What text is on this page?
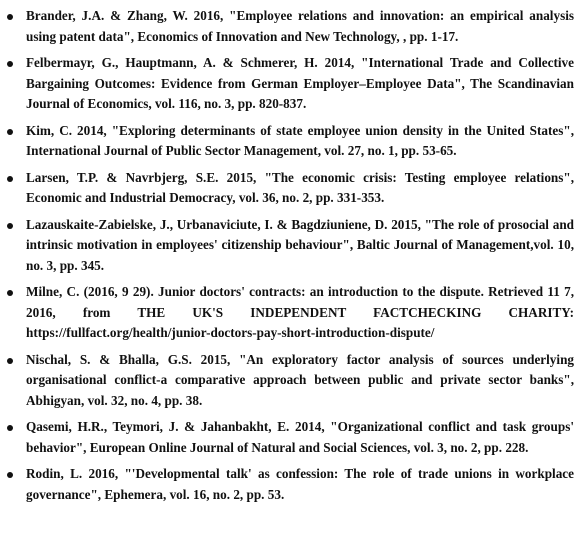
Brander, J.A. & Zhang, W. 2016, "Employee relations and innovation: an empirical analysis using patent data", Economics of Innovation and New Technology, , pp. 1-17.
Felbermayr, G., Hauptmann, A. & Schmerer, H. 2014, "International Trade and Collective Bargaining Outcomes: Evidence from German Employer–Employee Data", The Scandinavian Journal of Economics, vol. 116, no. 3, pp. 820-837.
Kim, C. 2014, "Exploring determinants of state employee union density in the United States", International Journal of Public Sector Management, vol. 27, no. 1, pp. 53-65.
Larsen, T.P. & Navrbjerg, S.E. 2015, "The economic crisis: Testing employee relations", Economic and Industrial Democracy, vol. 36, no. 2, pp. 331-353.
Lazauskaite-Zabielske, J., Urbanaviciute, I. & Bagdziuniene, D. 2015, "The role of prosocial and intrinsic motivation in employees' citizenship behaviour", Baltic Journal of Management,vol. 10, no. 3, pp. 345.
Milne, C. (2016, 9 29). Junior doctors' contracts: an introduction to the dispute. Retrieved 11 7, 2016, from THE UK'S INDEPENDENT FACTCHECKING CHARITY: https://fullfact.org/health/junior-doctors-pay-short-introduction-dispute/
Nischal, S. & Bhalla, G.S. 2015, "An exploratory factor analysis of sources underlying organisational conflict-a comparative approach between public and private sector banks", Abhigyan, vol. 32, no. 4, pp. 38.
Qasemi, H.R., Teymori, J. & Jahanbakht, E. 2014, "Organizational conflict and task groups' behavior", European Online Journal of Natural and Social Sciences, vol. 3, no. 2, pp. 228.
Rodin, L. 2016, "'Developmental talk' as confession: The role of trade unions in workplace governance", Ephemera, vol. 16, no. 2, pp. 53.
